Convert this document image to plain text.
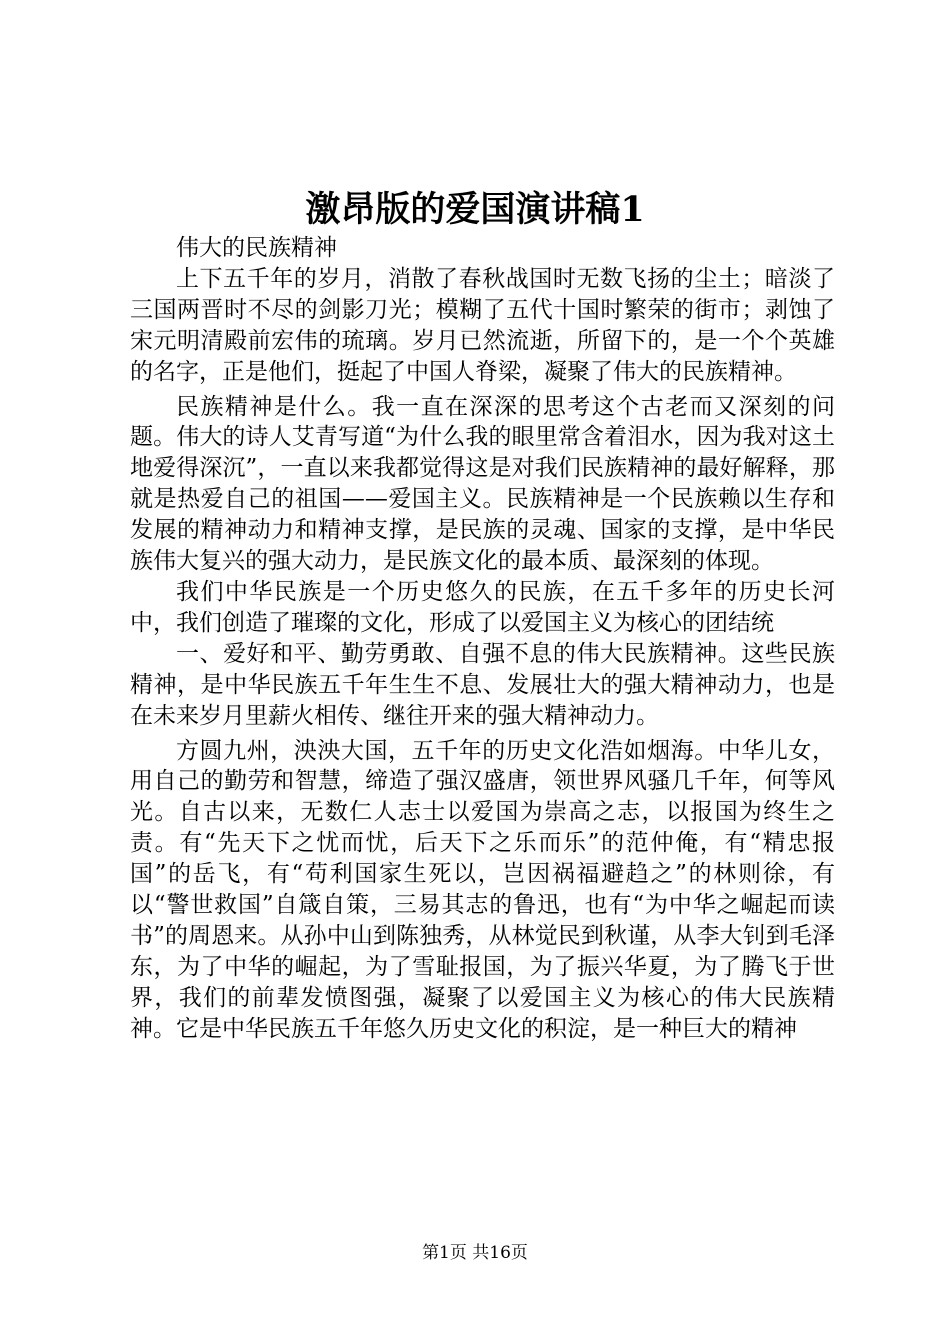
激昂版的爱国演讲稿1

伟大的民族精神

上下五千年的岁月，消散了春秋战国时无数飞扬的尘土；暗淡了三国两晋时不尽的剑影刀光；模糊了五代十国时繁荣的街市；剥蚀了宋元明清殿前宏伟的琉璃。岁月已然流逝，所留下的，是一个个英雄的名字，正是他们，挺起了中国人脊梁，凝聚了伟大的民族精神。

民族精神是什么。我一直在深深的思考这个古老而又深刻的问题。伟大的诗人艾青写道“为什么我的眼里常含着泪水，因为我对这土地爱得深沉”，一直以来我都觉得这是对我们民族精神的最好解释，那就是热爱自己的祖国——爱国主义。民族精神是一个民族赖以生存和发展的精神动力和精神支撑，是民族的灵魂、国家的支撑，是中华民族伟大复兴的强大动力，是民族文化的最本质、最深刻的体现。

我们中华民族是一个历史悠久的民族，在五千多年的历史长河中，我们创造了璀璨的文化，形成了以爱国主义为核心的团结统

一、爱好和平、勤劳勇敢、自强不息的伟大民族精神。这些民族精神，是中华民族五千年生生不息、发展壮大的强大精神动力，也是在未来岁月里薪火相传、继往开来的强大精神动力。

方圆九州，泱泱大国，五千年的历史文化浩如烟海。中华儿女，用自己的勤劳和智慧，缔造了强汉盛唐，领世界风骚几千年，何等风光。自古以来，无数仁人志士以爱国为崇高之志，以报国为终生之责。有“先天下之忧而忧，后天下之乐而乐”的范仲俺，有“精忠报国”的岳飞，有“苟利国家生死以，岂因祸福避趋之”的林则徐，有以“警世救国”自箴自策，三易其志的鲁迅，也有“为中华之崛起而读书”的周恩来。从孙中山到陈独秀，从林觉民到秋谨，从李大钊到毛泽东，为了中华的崛起，为了雪耻报国，为了振兴华夏，为了腾飞于世界，我们的前辈发愤图强，凝聚了以爱国主义为核心的伟大民族精神。它是中华民族五千年悠久历史文化的积淀，是一种巨大的精神

第1页 共16页
